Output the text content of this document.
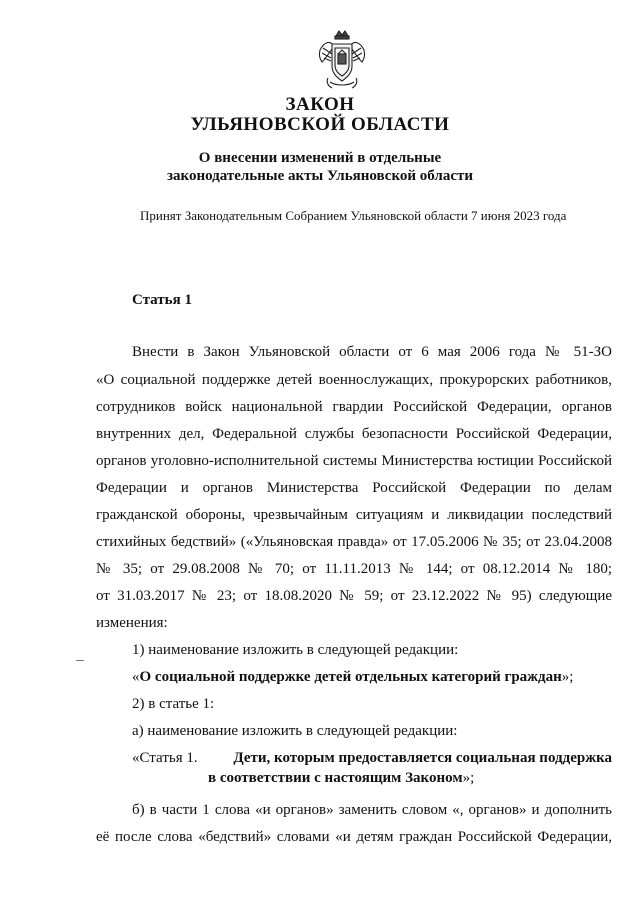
ЗАКОН
УЛЬЯНОВСКОЙ ОБЛАСТИ
О внесении изменений в отдельные
законодательные акты Ульяновской области
Принят Законодательным Собранием Ульяновской области 7 июня 2023 года
Статья 1
Внести в Закон Ульяновской области от 6 мая 2006 года № 51-ЗО
«О социальной поддержке детей военнослужащих, прокурорских работников,
сотрудников войск национальной гвардии Российской Федерации, органов
внутренних дел, Федеральной службы безопасности Российской Федерации,
органов уголовно-исполнительной системы Министерства юстиции Российской
Федерации и органов Министерства Российской Федерации по делам
гражданской обороны, чрезвычайным ситуациям и ликвидации последствий
стихийных бедствий» («Ульяновская правда» от 17.05.2006 № 35; от 23.04.2008
№ 35; от 29.08.2008 № 70; от 11.11.2013 № 144; от 08.12.2014 № 180;
от 31.03.2017 № 23; от 18.08.2020 № 59; от 23.12.2022 № 95) следующие
изменения:
1) наименование изложить в следующей редакции:
«О социальной поддержке детей отдельных категорий граждан»;
2) в статье 1:
а) наименование изложить в следующей редакции:
«Статья 1. Дети, которым предоставляется социальная поддержка
в соответствии с настоящим Законом»;
б) в части 1 слова «и органов» заменить словом «, органов» и дополнить
её после слова «бедствий» словами «и детям граждан Российской Федерации,
